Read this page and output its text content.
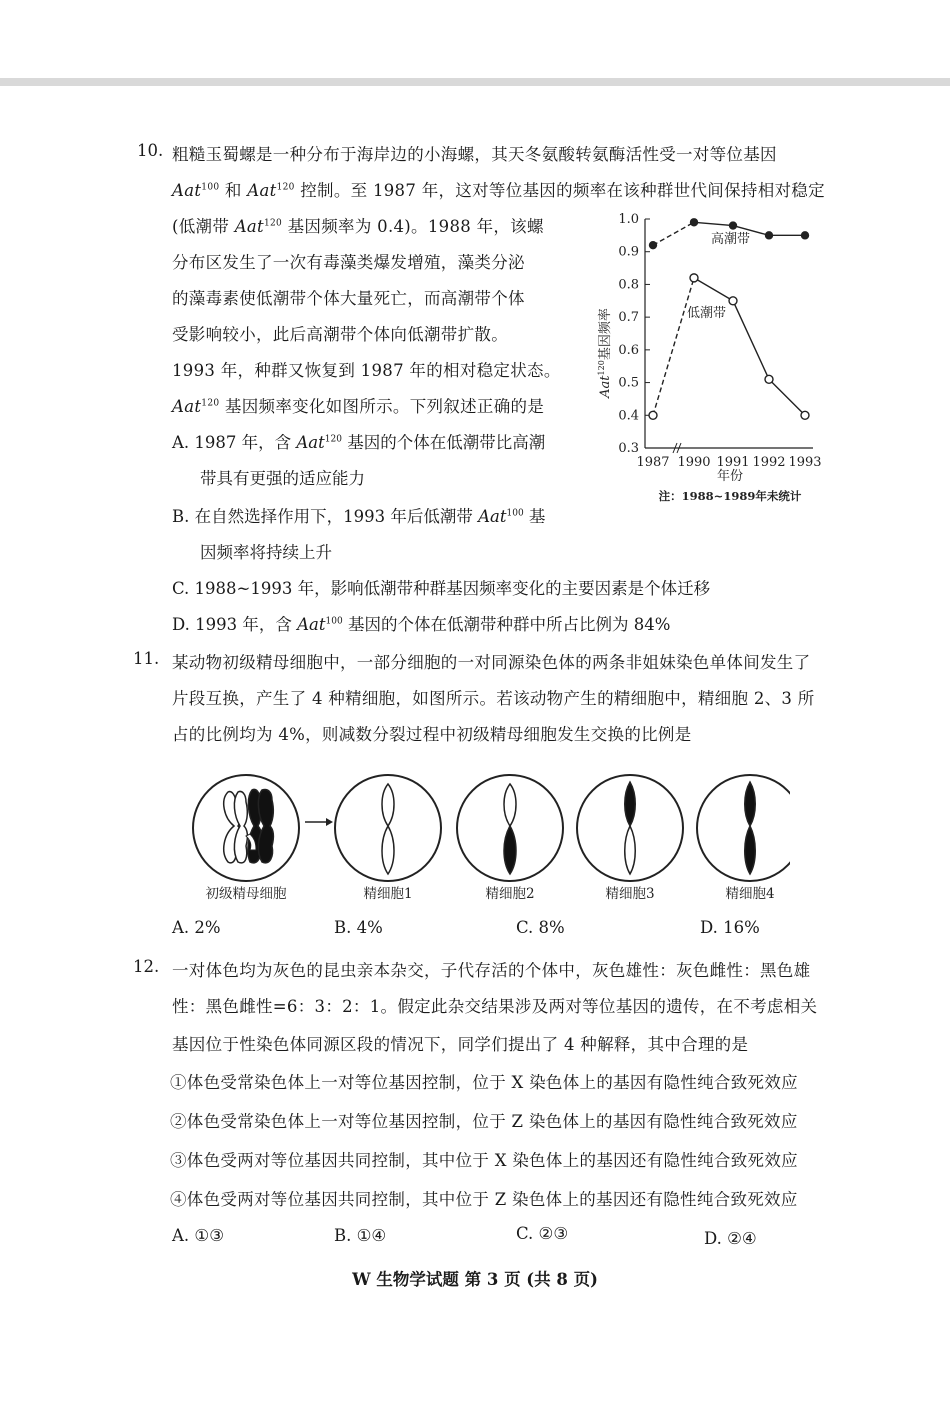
10. 粗糙玉蜀螺是一种分布于海岸边的小海螺，其天冬氨酸转氨酶活性受一对等位基因
Aat$^{100}$ 和 Aat$^{120}$ 控制。至 1987 年，这对等位基因的频率在该种群世代间保持相对稳定
(低潮带 Aat$^{120}$ 基因频率为 0.4)。1988 年，该螺
分布区发生了一次有毒藻类爆发增殖，藻类分泌
的藻毒素使低潮带个体大量死亡，而高潮带个体
受影响较小，此后高潮带个体向低潮带扩散。
1993 年，种群又恢复到 1987 年的相对稳定状态。
Aat$^{120}$ 基因频率变化如图所示。下列叙述正确的是
A. 1987 年，含 Aat$^{120}$ 基因的个体在低潮带比高潮
带具有更强的适应能力
B. 在自然选择作用下，1993 年后低潮带 Aat$^{100}$ 基
因频率将持续上升
C. 1988~1993 年，影响低潮带种群基因频率变化的主要因素是个体迁移
D. 1993 年，含 Aat$^{100}$ 基因的个体在低潮带种群中所占比例为 84%
0.3
0.4
0.5
0.6
0.7
0.8
0.9
1.0
1987 1990 1991 1992 1993
Aat$^{120}$基因频率
高潮带
低潮带
年份
注：1988~1989年未统计
11. 某动物初级精母细胞中，一部分细胞的一对同源染色体的两条非姐妹染色单体间发生了
片段互换，产生了 4 种精细胞，如图所示。若该动物产生的精细胞中，精细胞 2、3 所
占的比例均为 4%，则减数分裂过程中初级精母细胞发生交换的比例是
初级精母细胞	精细胞1	精细胞2	精细胞3	精细胞4
A. 2%	B. 4%	C. 8%	D. 16%
12. 一对体色均为灰色的昆虫亲本杂交，子代存活的个体中，灰色雄性：灰色雌性：黑色雄
性：黑色雌性=6：3：2：1。假定此杂交结果涉及两对等位基因的遗传，在不考虑相关
基因位于性染色体同源区段的情况下，同学们提出了 4 种解释，其中合理的是
①体色受常染色体上一对等位基因控制，位于 X 染色体上的基因有隐性纯合致死效应
②体色受常染色体上一对等位基因控制，位于 Z 染色体上的基因有隐性纯合致死效应
③体色受两对等位基因共同控制，其中位于 X 染色体上的基因还有隐性纯合致死效应
④体色受两对等位基因共同控制，其中位于 Z 染色体上的基因还有隐性纯合致死效应
A. ①③	B. ①④	C. ②③	D. ②④
W 生物学试题 第 3 页 (共 8 页)
